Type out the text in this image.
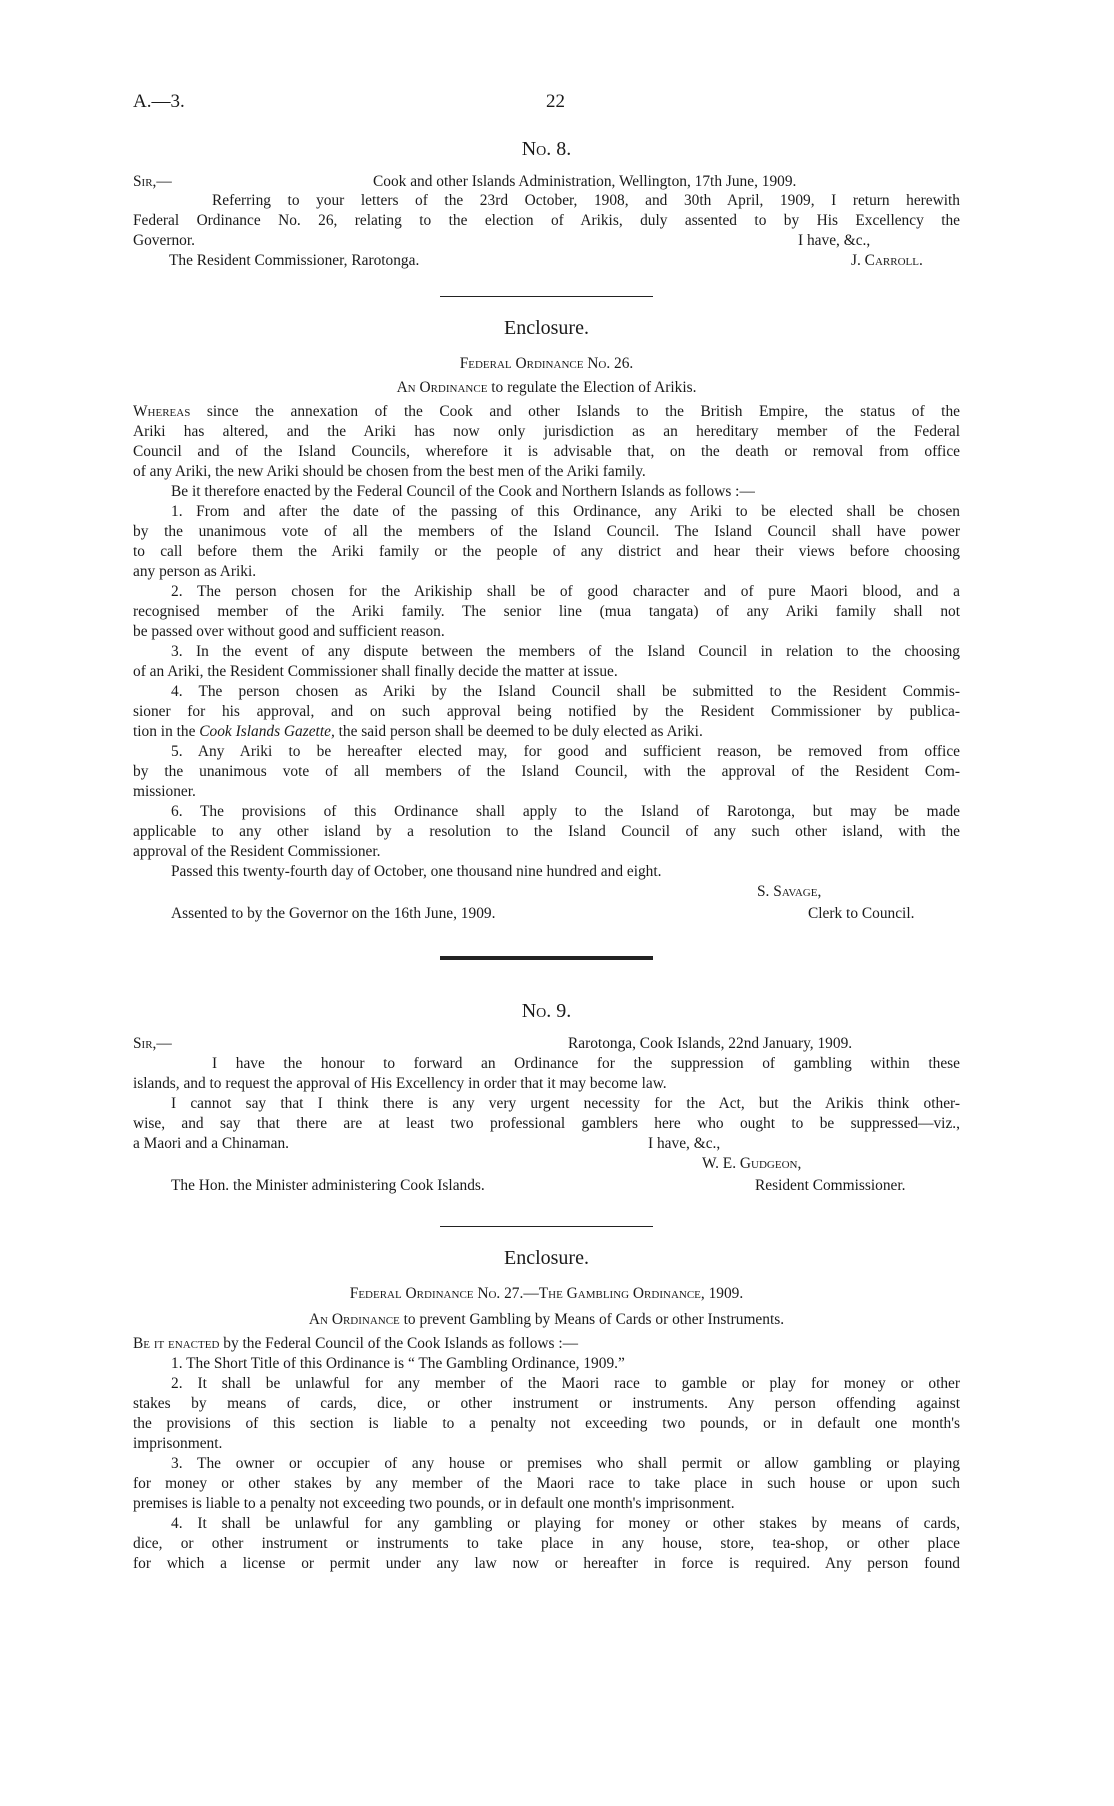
A.—3.	22
No. 8.
Sir,—	Cook and other Islands Administration, Wellington, 17th June, 1909.
Referring to your letters of the 23rd October, 1908, and 30th April, 1909, I return herewith
Federal Ordinance No. 26, relating to the election of Arikis, duly assented to by His Excellency the
Governor.	I have, &c.,
The Resident Commissioner, Rarotonga.	J. Carroll.
Enclosure.
Federal Ordinance No. 26.
An Ordinance to regulate the Election of Arikis.
Whereas since the annexation of the Cook and other Islands to the British Empire, the status of the
Ariki has altered, and the Ariki has now only jurisdiction as an hereditary member of the Federal
Council and of the Island Councils, wherefore it is advisable that, on the death or removal from office
of any Ariki, the new Ariki should be chosen from the best men of the Ariki family.
Be it therefore enacted by the Federal Council of the Cook and Northern Islands as follows :—
1. From and after the date of the passing of this Ordinance, any Ariki to be elected shall be chosen
by the unanimous vote of all the members of the Island Council. The Island Council shall have power
to call before them the Ariki family or the people of any district and hear their views before choosing
any person as Ariki.
2. The person chosen for the Arikiship shall be of good character and of pure Maori blood, and a
recognised member of the Ariki family. The senior line (mua tangata) of any Ariki family shall not
be passed over without good and sufficient reason.
3. In the event of any dispute between the members of the Island Council in relation to the choosing
of an Ariki, the Resident Commissioner shall finally decide the matter at issue.
4. The person chosen as Ariki by the Island Council shall be submitted to the Resident Commis-
sioner for his approval, and on such approval being notified by the Resident Commissioner by publica-
tion in the Cook Islands Gazette, the said person shall be deemed to be duly elected as Ariki.
5. Any Ariki to be hereafter elected may, for good and sufficient reason, be removed from office
by the unanimous vote of all members of the Island Council, with the approval of the Resident Com-
missioner.
6. The provisions of this Ordinance shall apply to the Island of Rarotonga, but may be made
applicable to any other island by a resolution to the Island Council of any such other island, with the
approval of the Resident Commissioner.
Passed this twenty-fourth day of October, one thousand nine hundred and eight.
S. Savage,
Assented to by the Governor on the 16th June, 1909.	Clerk to Council.
No. 9.
Sir,—	Rarotonga, Cook Islands, 22nd January, 1909.
I have the honour to forward an Ordinance for the suppression of gambling within these
islands, and to request the approval of His Excellency in order that it may become law.
I cannot say that I think there is any very urgent necessity for the Act, but the Arikis think other-
wise, and say that there are at least two professional gamblers here who ought to be suppressed—viz.,
a Maori and a Chinaman.	I have, &c.,
W. E. Gudgeon,
The Hon. the Minister administering Cook Islands.	Resident Commissioner.
Enclosure.
Federal Ordinance No. 27.—The Gambling Ordinance, 1909.
An Ordinance to prevent Gambling by Means of Cards or other Instruments.
Be it enacted by the Federal Council of the Cook Islands as follows :—
1. The Short Title of this Ordinance is “ The Gambling Ordinance, 1909.”
2. It shall be unlawful for any member of the Maori race to gamble or play for money or other
stakes by means of cards, dice, or other instrument or instruments. Any person offending against
the provisions of this section is liable to a penalty not exceeding two pounds, or in default one month's
imprisonment.
3. The owner or occupier of any house or premises who shall permit or allow gambling or playing
for money or other stakes by any member of the Maori race to take place in such house or upon such
premises is liable to a penalty not exceeding two pounds, or in default one month's imprisonment.
4. It shall be unlawful for any gambling or playing for money or other stakes by means of cards,
dice, or other instrument or instruments to take place in any house, store, tea-shop, or other place
for which a license or permit under any law now or hereafter in force is required. Any person found
